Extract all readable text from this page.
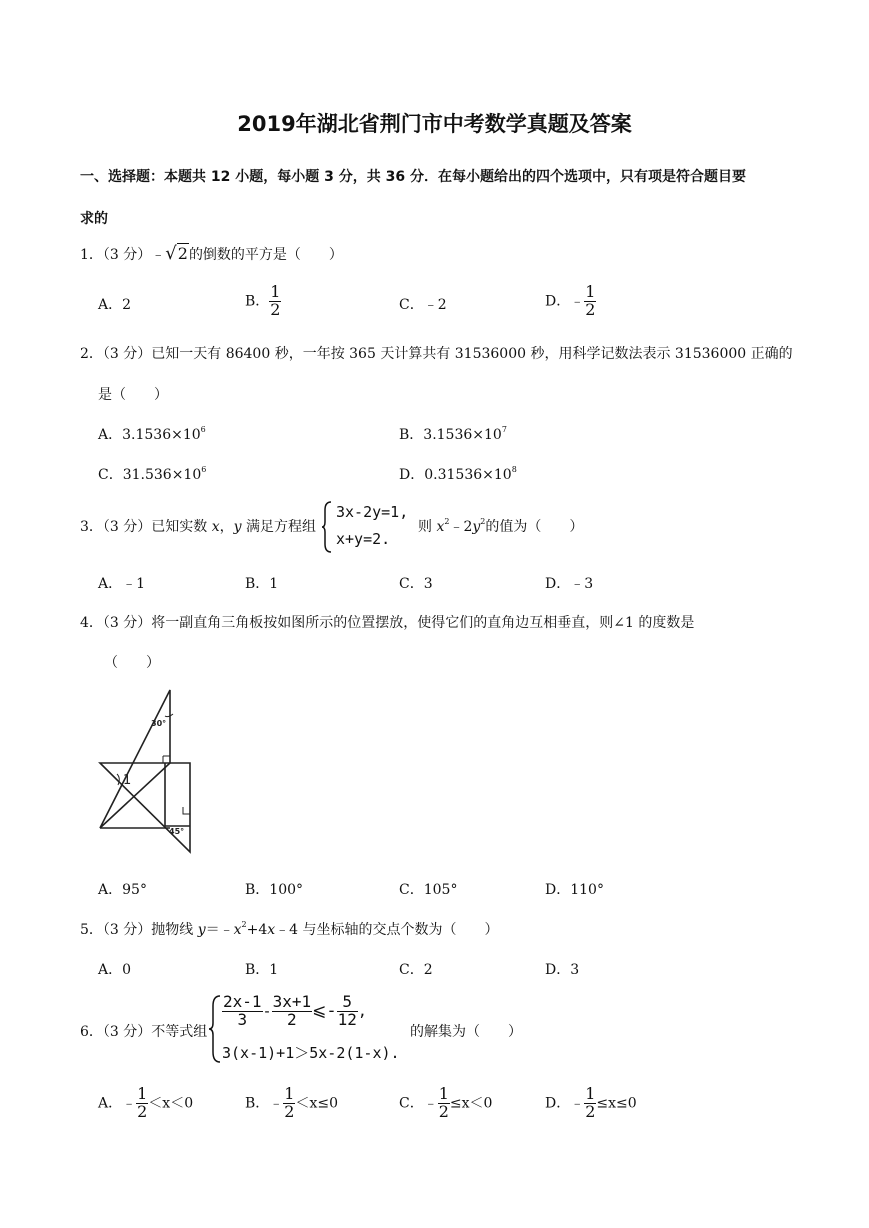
2019年湖北省荆门市中考数学真题及答案
一、选择题：本题共 12 小题，每小题 3 分，共 36 分．在每小题给出的四个选项中，只有项是符合题目要
求的
1．（3 分）﹣√2的倒数的平方是（　　）
A．2	B． $\frac{1}{2}$	C．﹣2	D．﹣ $\frac{1}{2}$
2．（3 分）已知一天有 86400 秒，一年按 365 天计算共有 31536000 秒，用科学记数法表示 31536000 正确的
是（　　）
A．$3.1536\times 10^6$	B．$3.1536\times 10^7$
C．$31.536\times 10^6$	D．$0.31536\times 10^8$
3．（3 分）已知实数 x，y 满足方程组
3x-2y=1,
x+y=2.
则 $x^2﹣2y^2$的值为（　　）
A．﹣1	B．1	C．3	D．﹣3
4．（3 分）将一副直角三角板按如图所示的位置摆放，使得它们的直角边互相垂直，则∠1 的度数是
（　　）
30°
45°
1
A．95°	B．100°	C．105°	D．110°
5．（3 分）抛物线 $y=﹣x^2+4x﹣4$ 与坐标轴的交点个数为（　　）
A．0	B．1	C．2	D．3
6．（3 分）不等式组
$\frac{2x-1}{3} - \frac{3x+1}{2}$ ⩽- $\frac{5}{12}$ ,
3(x-1)+1＞5x-2(1-x).
的解集为（　　）
A．﹣ $\frac{1}{2} <x<0$	B．﹣ $\frac{1}{2} <x\le 0$	C．﹣ $\frac{1}{2} \le x<0$	D．﹣ $\frac{1}{2} \le x\le 0$
